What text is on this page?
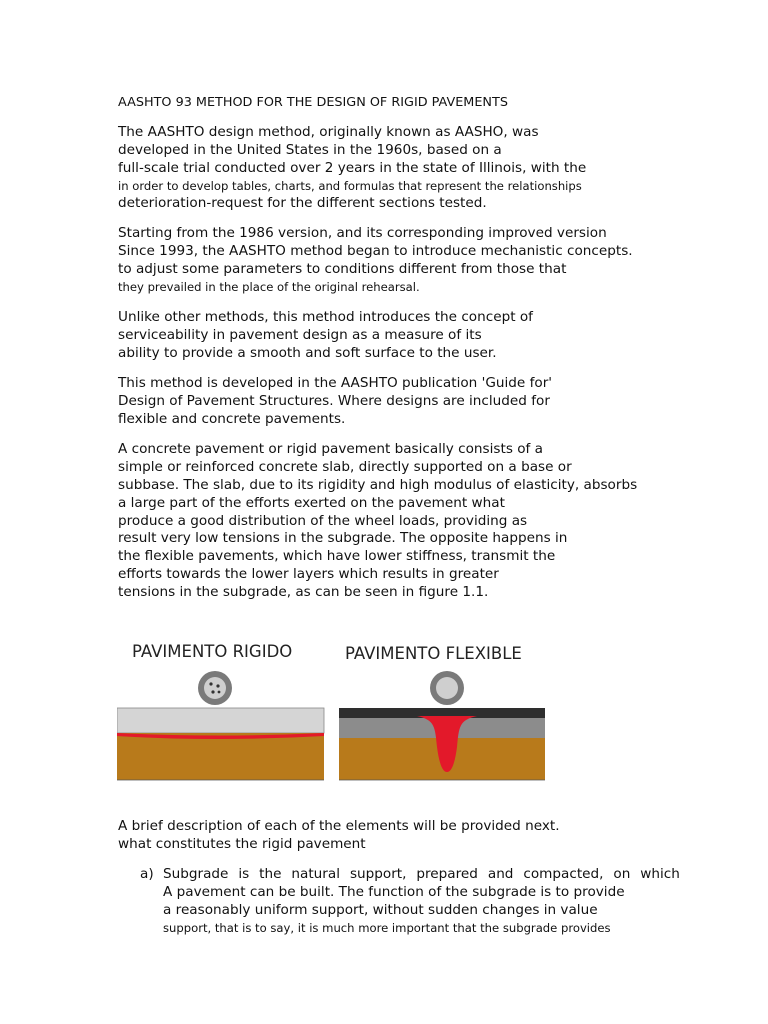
AASHTO 93 METHOD FOR THE DESIGN OF RIGID PAVEMENTS
The AASHTO design method, originally known as AASHO, was
developed in the United States in the 1960s, based on a
full-scale trial conducted over 2 years in the state of Illinois, with the
in order to develop tables, charts, and formulas that represent the relationships
deterioration-request for the different sections tested.
Starting from the 1986 version, and its corresponding improved version
Since 1993, the AASHTO method began to introduce mechanistic concepts.
to adjust some parameters to conditions different from those that
they prevailed in the place of the original rehearsal.
Unlike other methods, this method introduces the concept of
serviceability in pavement design as a measure of its
ability to provide a smooth and soft surface to the user.
This method is developed in the AASHTO publication 'Guide for'
Design of Pavement Structures. Where designs are included for
flexible and concrete pavements.
A concrete pavement or rigid pavement basically consists of a
simple or reinforced concrete slab, directly supported on a base or
subbase. The slab, due to its rigidity and high modulus of elasticity, absorbs
a large part of the efforts exerted on the pavement what
produce a good distribution of the wheel loads, providing as
result very low tensions in the subgrade. The opposite happens in
the flexible pavements, which have lower stiffness, transmit the
efforts towards the lower layers which results in greater
tensions in the subgrade, as can be seen in figure 1.1.
PAVIMENTO RIGIDO	PAVIMENTO FLEXIBLE
A brief description of each of the elements will be provided next.
what constitutes the rigid pavement
a) Subgrade is the natural support, prepared and compacted, on which
A pavement can be built. The function of the subgrade is to provide
a reasonably uniform support, without sudden changes in value
support, that is to say, it is much more important that the subgrade provides
